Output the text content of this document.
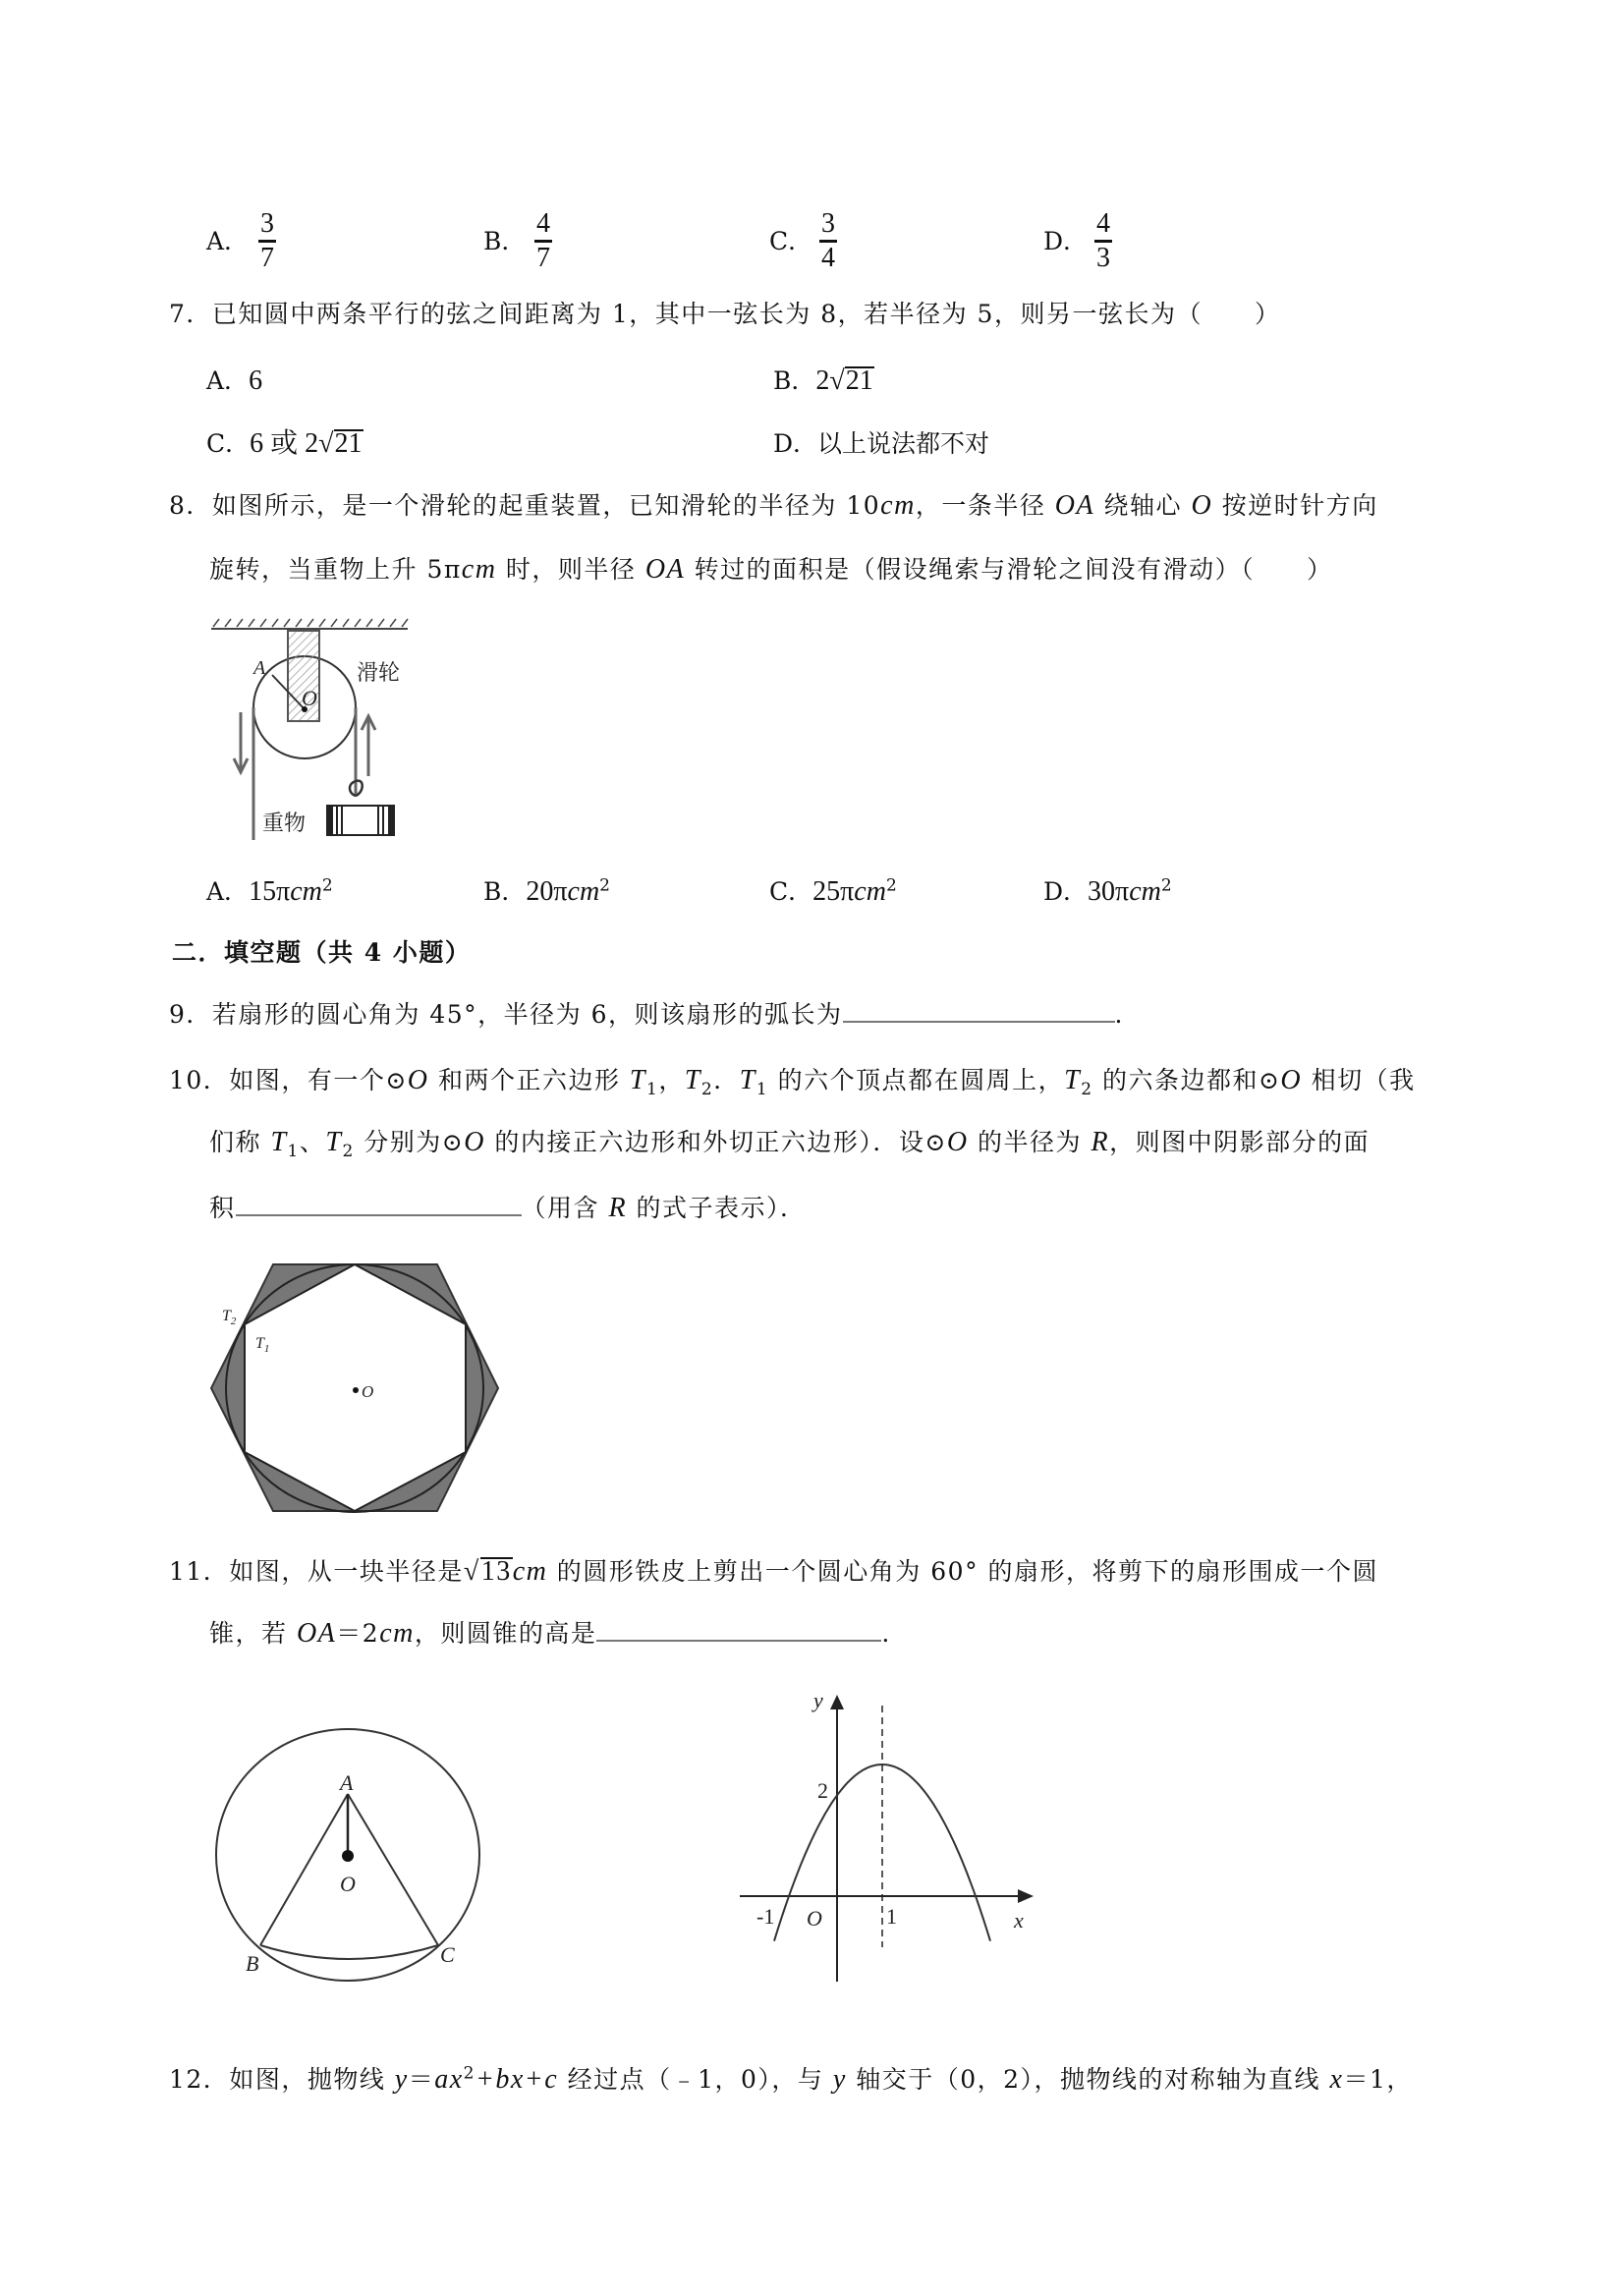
A．
3
7
B．
4
7
C．
3
4
D．
4
3
7．已知圆中两条平行的弦之间距离为 1，其中一弦长为 8，若半径为 5，则另一弦长为（　　）
A．6	B．2√21
C．6 或 2√21	D．以上说法都不对
8．如图所示，是一个滑轮的起重装置，已知滑轮的半径为 10cm，一条半径 OA 绕轴心 O 按逆时针方向
旋转，当重物上升 5πcm 时，则半径 OA 转过的面积是（假设绳索与滑轮之间没有滑动）（　　）
A
O
滑轮
重物
A．15πcm$^2$	B．20πcm$^2$	C．25πcm$^2$	D．30πcm$^2$
二．填空题（共 4 小题）
9．若扇形的圆心角为 45°，半径为 6，则该扇形的弧长为	.
10．如图，有一个⊙O 和两个正六边形 $T_1$，$T_2$．$T_1$ 的六个顶点都在圆周上，$T_2$ 的六条边都和⊙O 相切（我
们称 $T_1$、$T_2$ 分别为⊙O 的内接正六边形和外切正六边形）．设⊙O 的半径为 R，则图中阴影部分的面
积	（用含 R 的式子表示）．
$T_2$
$T_1$
O
11．如图，从一块半径是√13cm 的圆形铁皮上剪出一个圆心角为 60° 的扇形，将剪下的扇形围成一个圆
锥，若 OA＝2cm，则圆锥的高是	.
A
O
B	C
y
x
2
-1 O	1
12．如图，抛物线 $y=ax^2+bx+c$ 经过点（﹣1，0），与 y 轴交于（0，2），抛物线的对称轴为直线 x＝1，
